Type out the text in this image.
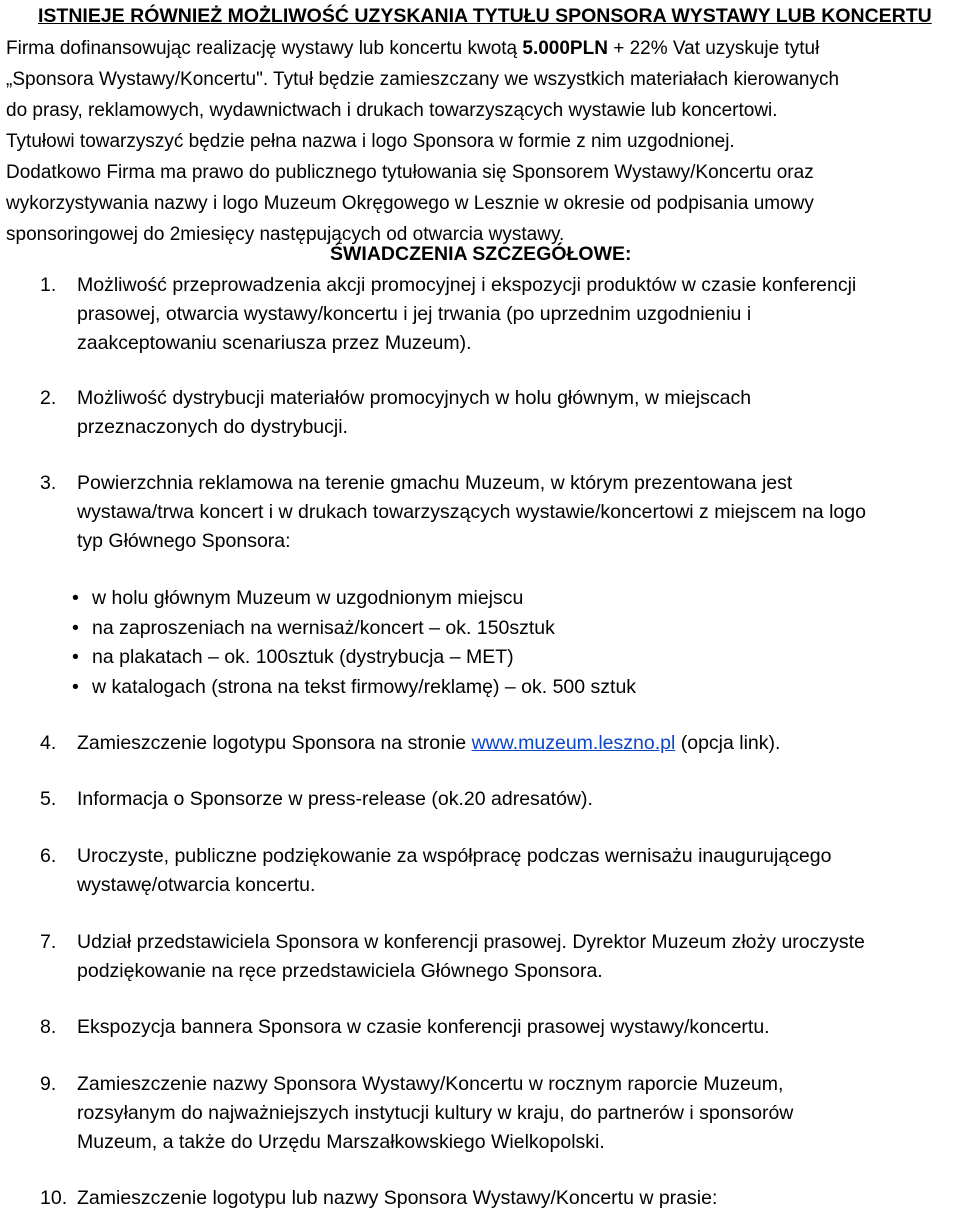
ISTNIEJE RÓWNIEŻ MOŻLIWOŚĆ UZYSKANIA TYTUŁU SPONSORA WYSTAWY LUB KONCERTU
Firma dofinansowując realizację wystawy lub koncertu kwotą 5.000PLN + 22% Vat uzyskuje tytuł
„Sponsora Wystawy/Koncertu". Tytuł będzie zamieszczany we wszystkich materiałach kierowanych
do prasy, reklamowych, wydawnictwach i drukach towarzyszących wystawie lub koncertowi.
Tytułowi towarzyszyć będzie pełna nazwa i logo Sponsora w formie z nim uzgodnionej.
Dodatkowo Firma ma prawo do publicznego tytułowania się Sponsorem Wystawy/Koncertu oraz
wykorzystywania nazwy i logo Muzeum Okręgowego w Lesznie w okresie od podpisania umowy
sponsoringowej do 2miesięcy następujących od otwarcia wystawy.
ŚWIADCZENIA SZCZEGÓŁOWE:
1.	Możliwość przeprowadzenia akcji promocyjnej i ekspozycji produktów w czasie konferencji
prasowej, otwarcia wystawy/koncertu i jej trwania (po uprzednim uzgodnieniu i
zaakceptowaniu scenariusza przez Muzeum).
2.	Możliwość dystrybucji materiałów promocyjnych w holu głównym, w miejscach
przeznaczonych do dystrybucji.
3.	Powierzchnia reklamowa na terenie gmachu Muzeum, w którym prezentowana jest
wystawa/trwa koncert i w drukach towarzyszących wystawie/koncertowi z miejscem na logo
typ Głównego Sponsora:
• w holu głównym Muzeum w uzgodnionym miejscu
• na zaproszeniach na wernisaż/koncert – ok. 150sztuk
• na plakatach – ok. 100sztuk (dystrybucja – MET)
• w katalogach (strona na tekst firmowy/reklamę) – ok. 500 sztuk
4.	Zamieszczenie logotypu Sponsora na stronie www.muzeum.leszno.pl (opcja link).
5.	Informacja o Sponsorze w press-release (ok.20 adresatów).
6.	Uroczyste, publiczne podziękowanie za współpracę podczas wernisażu inaugurującego
wystawę/otwarcia koncertu.
7.	Udział przedstawiciela Sponsora w konferencji prasowej. Dyrektor Muzeum złoży uroczyste
podziękowanie na ręce przedstawiciela Głównego Sponsora.
8.	Ekspozycja bannera Sponsora w czasie konferencji prasowej wystawy/koncertu.
9.	Zamieszczenie nazwy Sponsora Wystawy/Koncertu w rocznym raporcie Muzeum,
rozsyłanym do najważniejszych instytucji kultury w kraju, do partnerów i sponsorów
Muzeum, a także do Urzędu Marszałkowskiego Wielkopolski.
10. Zamieszczenie logotypu lub nazwy Sponsora Wystawy/Koncertu w prasie:
